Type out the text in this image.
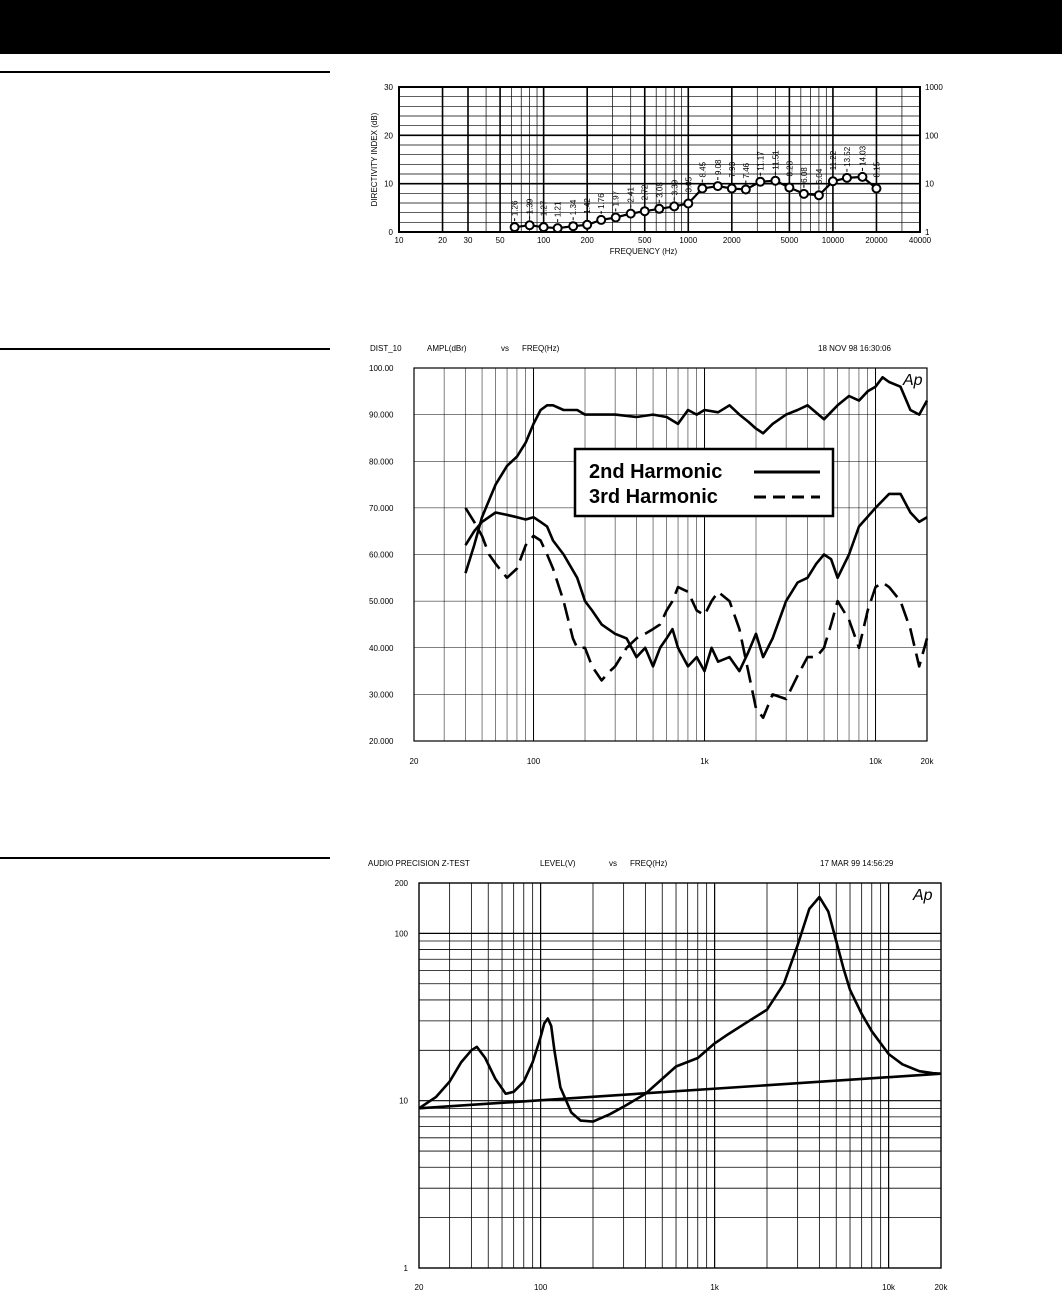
10	20 30	50	100	200	500	1000	2000	5000	10000	20000	40000
0
10
20
30
1
10
100
1000
FREQUENCY (Hz)
DIRECTIVITY INDEX (dB)
1.26 1.39 1.27 1.21 1.34 1.42 1.76 1.97 2.41 2.72 3.08 3.39 3.85
8.45 9.08 7.93 7.46 11.17 11.51 8.28 6.08 6.04
11.22 13.52 14.03
8.15
DIST_10	AMPL(dBr)	vs FREQ(Hz)	18 NOV 98 16:30:06
20	100	1k	10k	20k
20.000
30.000
40.000
50.000
60.000
70.000
80.000
90.000
100.00
Ap
2nd Harmonic
3rd Harmonic
AUDIO PRECISION Z-TEST	LEVEL(V)	vs FREQ(Hz)	17 MAR 99 14:56:29
20	100	1k	10k	20k
1
10
100
200
Ap
